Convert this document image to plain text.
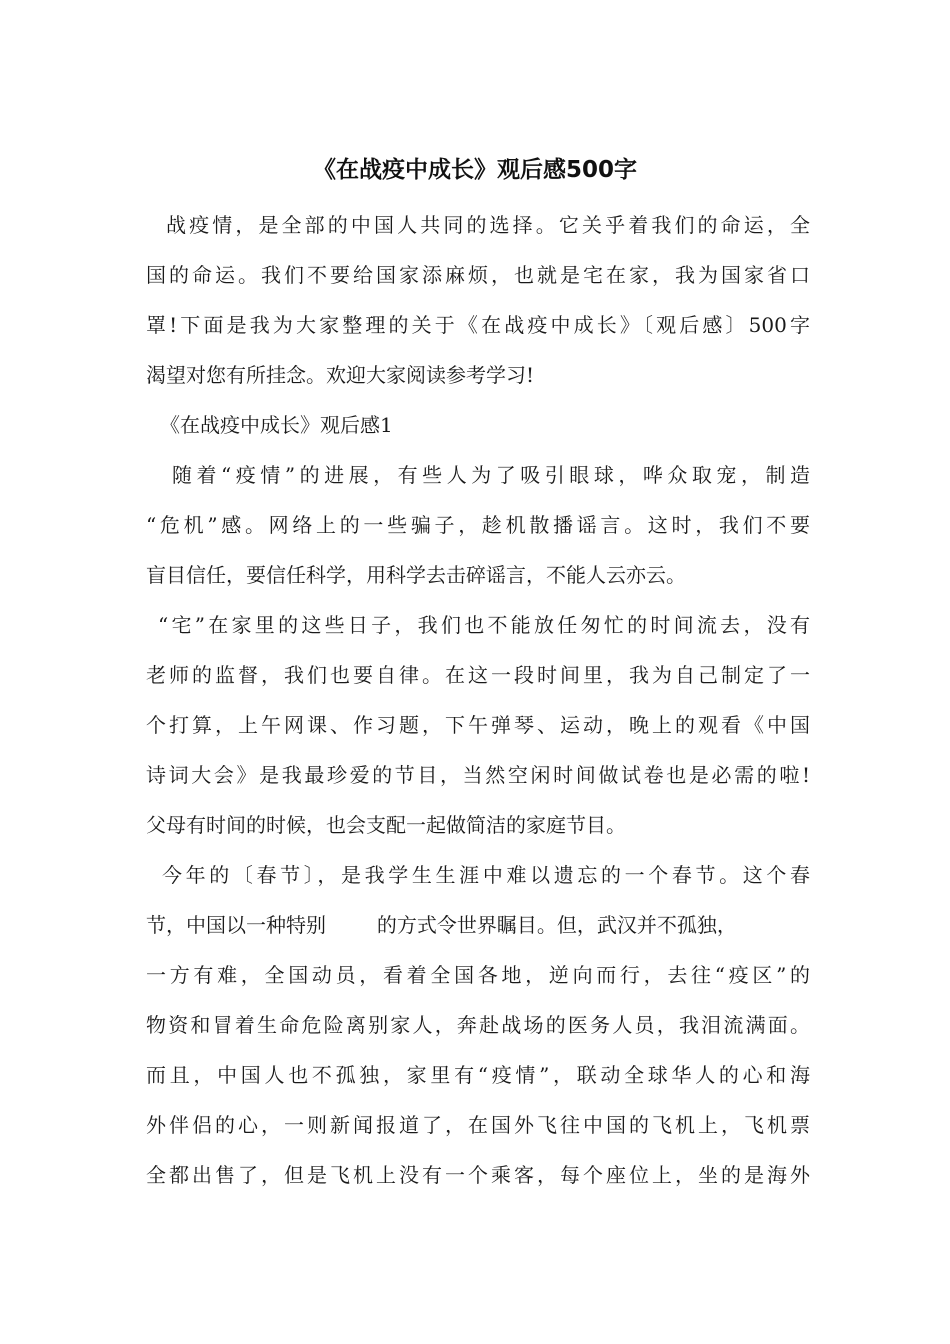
《在战疫中成长》观后感500字

战疫情，是全部的中国人共同的选择。它关乎着我们的命运，全

国的命运。我们不要给国家添麻烦，也就是宅在家，我为国家省口

罩!下面是我为大家整理的关于《在战疫中成长》〔观后感〕500字

渴望对您有所挂念。欢迎大家阅读参考学习!

《在战疫中成长》观后感1

随着“疫情”的进展，有些人为了吸引眼球，哗众取宠，制造

“危机”感。网络上的一些骗子，趁机散播谣言。这时，我们不要

盲目信任，要信任科学，用科学去击碎谣言，不能人云亦云。

“宅”在家里的这些日子，我们也不能放任匆忙的时间流去，没有

老师的监督，我们也要自律。在这一段时间里，我为自己制定了一

个打算，上午网课、作习题，下午弹琴、运动，晚上的观看《中国

诗词大会》是我最珍爱的节目，当然空闲时间做试卷也是必需的啦!

父母有时间的时候，也会支配一起做简洁的家庭节目。

今年的〔春节〕，是我学生生涯中难以遗忘的一个春节。这个春

节，中国以一种特别        的方式令世界瞩目。但，武汉并不孤独，

一方有难，全国动员，看着全国各地，逆向而行，去往“疫区”的

物资和冒着生命危险离别家人，奔赴战场的医务人员，我泪流满面。

而且，中国人也不孤独，家里有“疫情”，联动全球华人的心和海

外伴侣的心，一则新闻报道了，在国外飞往中国的飞机上，飞机票

全都出售了，但是飞机上没有一个乘客，每个座位上，坐的是海外
